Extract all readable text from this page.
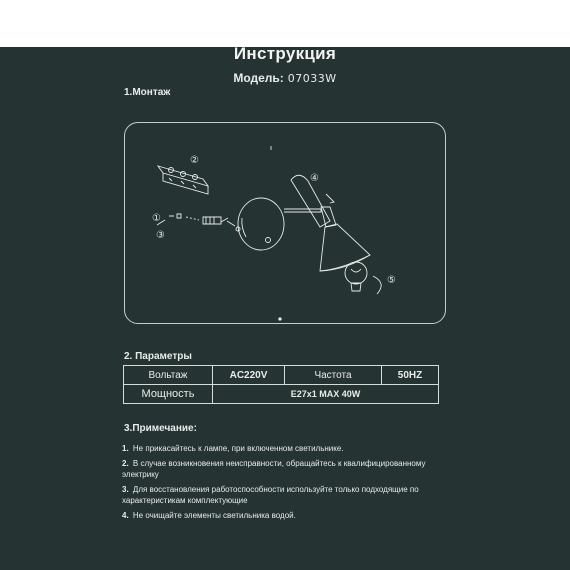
Инструкция
Модель: 07033W
1.Монтаж
①
②
③
④
⑤
2. Параметры
Вольтаж	AC220V	Частота	50HZ
Мощность	E27x1 MAX 40W		
3.Примечание:

1. Не прикасайтесь к лампе, при включенном светильнике.

2. В случае возникновения неисправности, обращайтесь к квалифицированному электрику

3. Для восстановления работоспособности используйте только подходящие по характеристикам комплектующие

4. Не очищайте элементы светильника водой.
